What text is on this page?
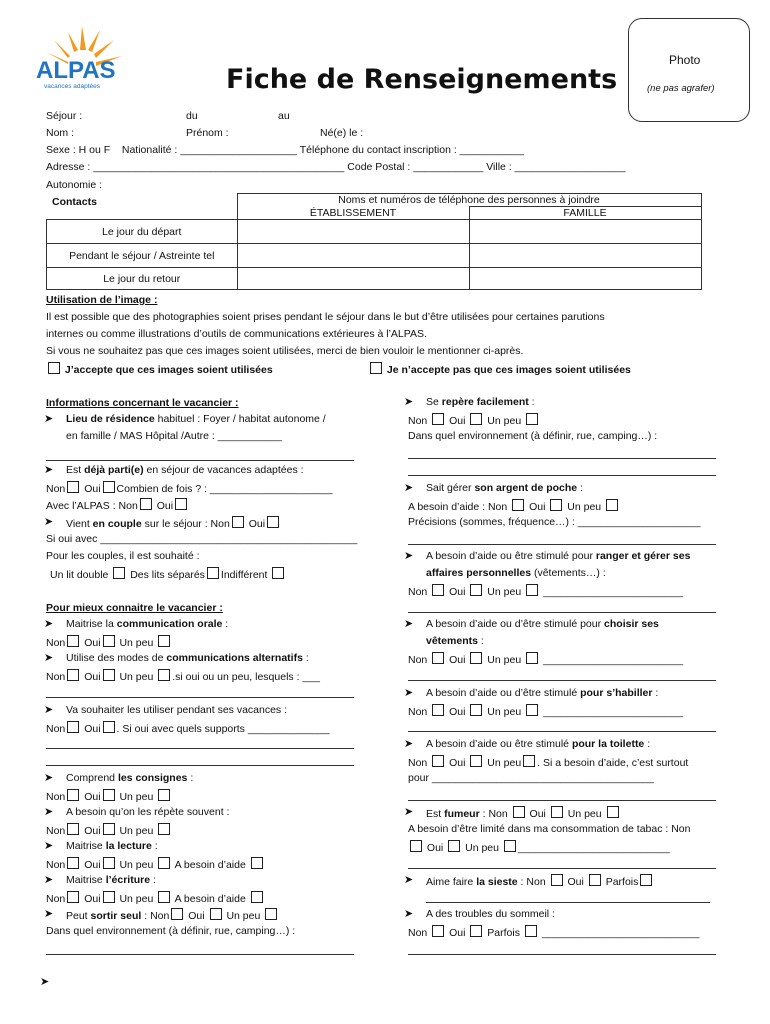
ALPAS
vacances adaptées	Fiche de Renseignements
Photo
(ne pas agrafer)
Séjour :	du	au
Nom :	Prénom :	Né(e) le :
Sexe : H ou F    Nationalité : ____________________ Téléphone du contact inscription : ___________
Adresse : ___________________________________________ Code Postal : ____________ Ville : ___________________
Autonomie :
Contacts
		Noms et numéros de téléphone des personnes à joindre	
	ÉTABLISSEMENT	FAMILLE
Le jour du départ		
Pendant le séjour / Astreinte tel		
Le jour du retour		
Utilisation de l’image :
Il est possible que des photographies soient prises pendant le séjour dans le but d’être utilisées pour certaines parutions
internes ou comme illustrations d’outils de communications extérieures à l’ALPAS.
Si vous ne souhaitez pas que ces images soient utilisées, merci de bien vouloir le mentionner ci-après.
J’accepte que ces images soient utilisées	Je n’accepte pas que ces images soient utilisées
Informations concernant le vacancier :
➤ Lieu de résidence habituel : Foyer / habitat autonome /
en famille / MAS Hôpital /Autre : ___________
➤ Est déjà parti(e) en séjour de vacances adaptées :
Non Oui Combien de fois ? : _____________________
Avec l’ALPAS : Non Oui
➤ Vient en couple sur le séjour : Non Oui
Si oui avec ____________________________________________
Pour les couples, il est souhaité :
Un lit double Des lits séparés Indifférent
Pour mieux connaitre le vacancier :
➤ Maitrise la communication orale :
Non Oui Un peu
➤ Utilise des modes de communications alternatifs :
Non Oui Un peu .si oui ou un peu, lesquels : ___
➤ Va souhaiter les utiliser pendant ses vacances :
Non Oui . Si oui avec quels supports ______________
➤ Comprend les consignes :
Non Oui Un peu
➤ A besoin qu’on les répète souvent :
Non Oui Un peu
➤ Maitrise la lecture :
Non Oui Un peu A besoin d’aide
➤ Maitrise l’écriture :
Non Oui Un peu A besoin d’aide
➤ Peut sortir seul : Non Oui Un peu
Dans quel environnement (à définir, rue, camping…) :
➤
➤ Se repère facilement :
Non Oui Un peu
Dans quel environnement (à définir, rue, camping…) :
➤ Sait gérer son argent de poche :
A besoin d’aide : Non Oui Un peu
Précisions (sommes, fréquence…) : _____________________
➤ A besoin d’aide ou être stimulé pour ranger et gérer ses
affaires personnelles (vêtements…) :
Non Oui Un peu  ________________________
➤ A besoin d’aide ou d’être stimulé pour choisir ses
vêtements :
Non Oui Un peu  ________________________
➤ A besoin d’aide ou d’être stimulé pour s’habiller :
Non Oui Un peu  ________________________
➤ A besoin d’aide ou être stimulé pour la toilette :
Non Oui Un peu . Si a besoin d’aide, c’est surtout
pour ______________________________________
➤ Est fumeur : Non Oui Un peu
A besoin d’être limité dans ma consommation de tabac : Non
Oui Un peu __________________________
➤ Aime faire la sieste : Non Oui Parfois
➤ A des troubles du sommeil :
Non Oui Parfois  ___________________________
